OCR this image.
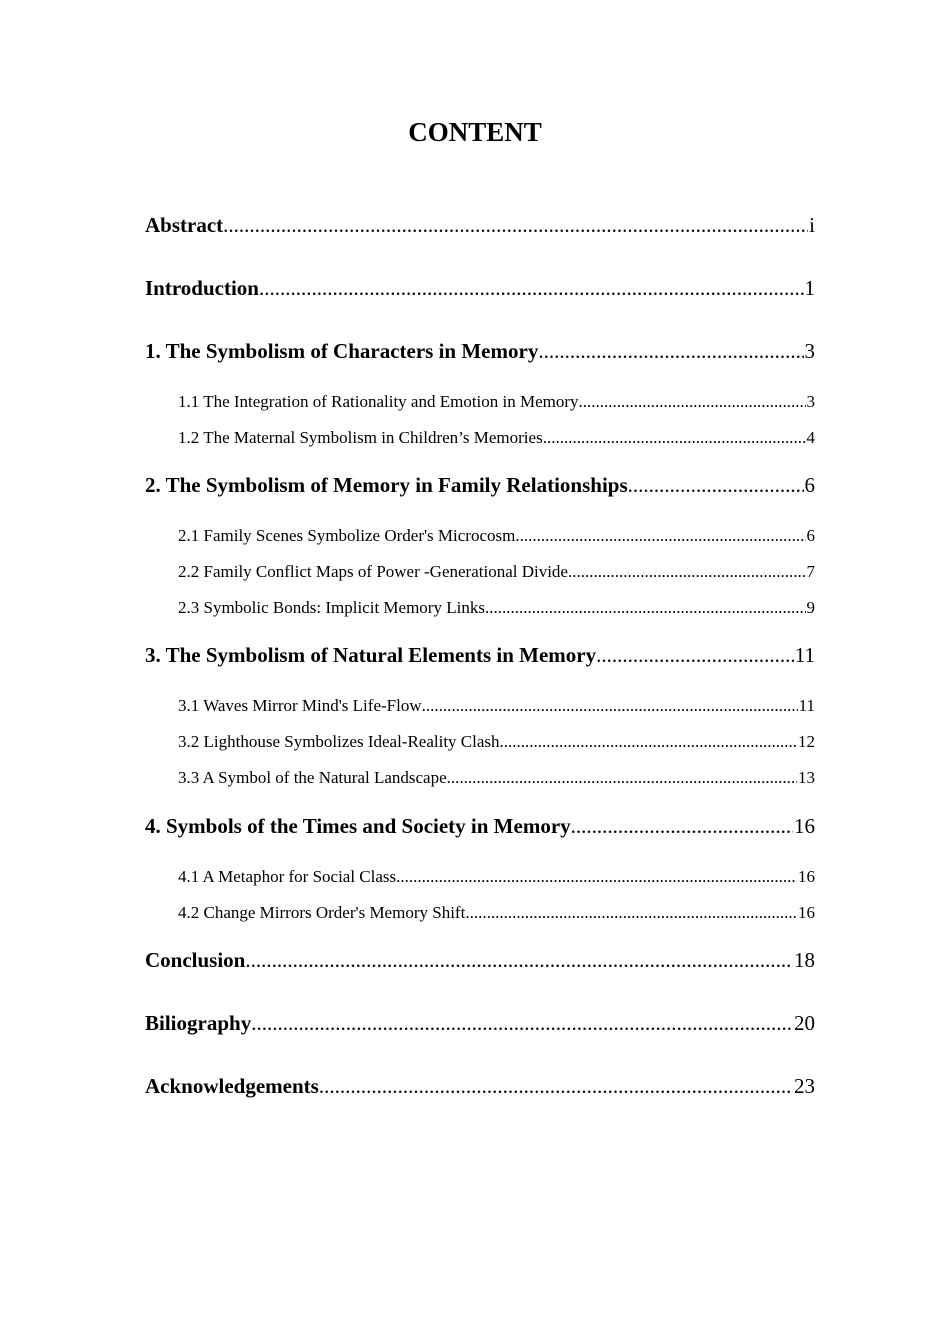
CONTENT
Abstract .....	i
Introduction .....	1
1. The Symbolism of Characters in Memory .....	3
1.1 The Integration of Rationality and Emotion in Memory .....	3
1.2 The Maternal Symbolism in Children’s Memories .....	4
2. The Symbolism of Memory in Family Relationships .....	6
2.1 Family Scenes Symbolize Order's Microcosm .....	6
2.2 Family Conflict Maps of Power -Generational Divide .....	7
2.3 Symbolic Bonds: Implicit Memory Links .....	9
3. The Symbolism of Natural Elements in Memory .....	11
3.1 Waves Mirror Mind's Life-Flow .....	11
3.2 Lighthouse Symbolizes Ideal-Reality Clash .....	12
3.3 A Symbol of the Natural Landscape .....	13
4. Symbols of the Times and Society in Memory .....	16
4.1 A Metaphor for Social Class .....	16
4.2 Change Mirrors Order's Memory Shift .....	16
Conclusion .....	18
Biliography .....	20
Acknowledgements .....	23
